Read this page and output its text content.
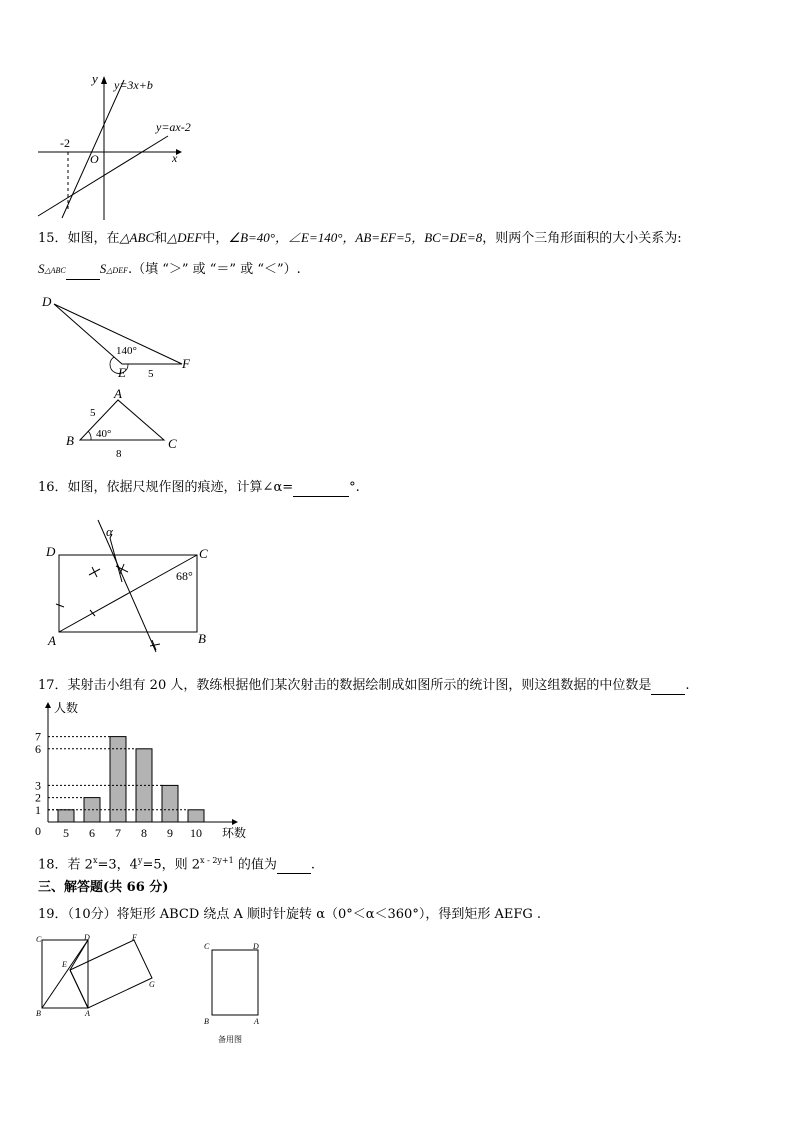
y
x
O
y=3x+b
y=ax-2
-2
15．如图，在△ABC和△DEF中，∠B=40°，∠E=140°，AB=EF=5，BC=DE=8，则两个三角形面积的大小关系为:
S△ABC	S△DEF.（填 “＞” 或 “＝” 或 “＜”）.
D
E
F
140°
5
A
B	C
40°
5
8
16．如图，依据尺规作图的痕迹，计算∠α=	°.
α
D	C
A	B
68°
17．某射击小组有 20 人，教练根据他们某次射击的数据绘制成如图所示的统计图，则这组数据的中位数是	.
人数
环数
5 6 7 8 9 10
0
1
2
3
6
7
18．若 $2^x=3$，$4^y=5$，则 $2^{x - 2y+1}$ 的值为	.
三、解答题(共 66 分)
19．（10分）将矩形 ABCD 绕点 A 顺时针旋转 α（0°＜α＜360°），得到矩形 AEFG .
C	D	F
E
G
B	A
C	D
B	A
备用图
